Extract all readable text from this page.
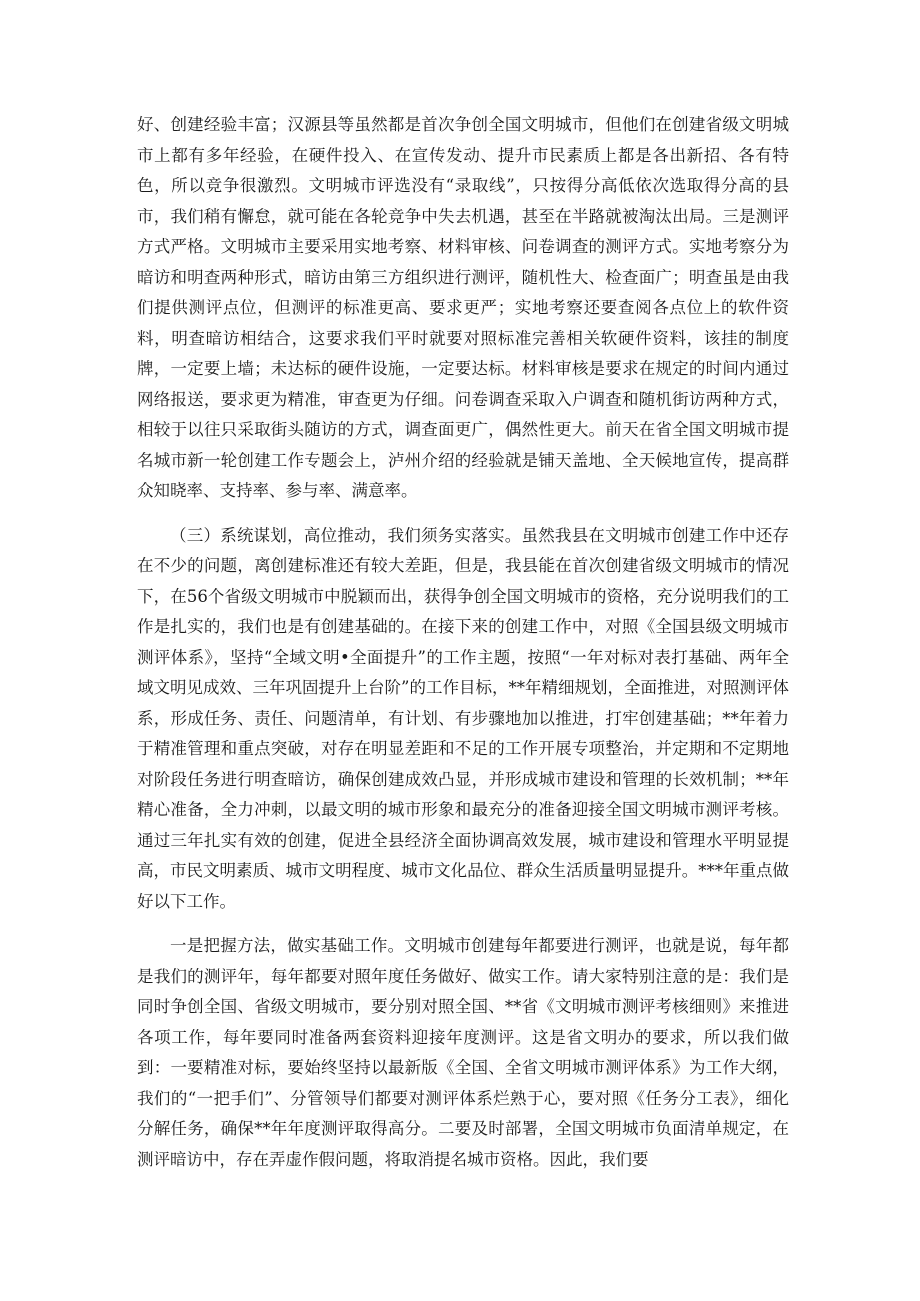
好、创建经验丰富；汉源县等虽然都是首次争创全国文明城市，但他们在创建省级文明城市上都有多年经验，在硬件投入、在宣传发动、提升市民素质上都是各出新招、各有特色，所以竞争很激烈。文明城市评选没有“录取线”，只按得分高低依次选取得分高的县市，我们稍有懈怠，就可能在各轮竞争中失去机遇，甚至在半路就被淘汰出局。三是测评方式严格。文明城市主要采用实地考察、材料审核、问卷调查的测评方式。实地考察分为暗访和明查两种形式，暗访由第三方组织进行测评，随机性大、检查面广；明查虽是由我们提供测评点位，但测评的标准更高、要求更严；实地考察还要查阅各点位上的软件资料，明查暗访相结合，这要求我们平时就要对照标准完善相关软硬件资料，该挂的制度牌，一定要上墙；未达标的硬件设施，一定要达标。材料审核是要求在规定的时间内通过网络报送，要求更为精准，审查更为仔细。问卷调查采取入户调查和随机街访两种方式，相较于以往只采取街头随访的方式，调查面更广，偶然性更大。前天在省全国文明城市提名城市新一轮创建工作专题会上，泸州介绍的经验就是铺天盖地、全天候地宣传，提高群众知晓率、支持率、参与率、满意率。

（三）系统谋划，高位推动，我们须务实落实。虽然我县在文明城市创建工作中还存在不少的问题，离创建标准还有较大差距，但是，我县能在首次创建省级文明城市的情况下，在56个省级文明城市中脱颖而出，获得争创全国文明城市的资格，充分说明我们的工作是扎实的，我们也是有创建基础的。在接下来的创建工作中，对照《全国县级文明城市测评体系》，坚持“全域文明•全面提升”的工作主题，按照“一年对标对表打基础、两年全域文明见成效、三年巩固提升上台阶”的工作目标，**年精细规划，全面推进，对照测评体系，形成任务、责任、问题清单，有计划、有步骤地加以推进，打牢创建基础；**年着力于精准管理和重点突破，对存在明显差距和不足的工作开展专项整治，并定期和不定期地对阶段任务进行明查暗访，确保创建成效凸显，并形成城市建设和管理的长效机制；**年精心准备，全力冲刺，以最文明的城市形象和最充分的准备迎接全国文明城市测评考核。通过三年扎实有效的创建，促进全县经济全面协调高效发展，城市建设和管理水平明显提高，市民文明素质、城市文明程度、城市文化品位、群众生活质量明显提升。***年重点做好以下工作。

一是把握方法，做实基础工作。文明城市创建每年都要进行测评，也就是说，每年都是我们的测评年，每年都要对照年度任务做好、做实工作。请大家特别注意的是：我们是同时争创全国、省级文明城市，要分别对照全国、**省《文明城市测评考核细则》来推进各项工作，每年要同时准备两套资料迎接年度测评。这是省文明办的要求，所以我们做到：一要精准对标，要始终坚持以最新版《全国、全省文明城市测评体系》为工作大纲，我们的“一把手们”、分管领导们都要对测评体系烂熟于心，要对照《任务分工表》，细化分解任务，确保**年年度测评取得高分。二要及时部署，全国文明城市负面清单规定，在测评暗访中，存在弄虚作假问题，将取消提名城市资格。因此，我们要
